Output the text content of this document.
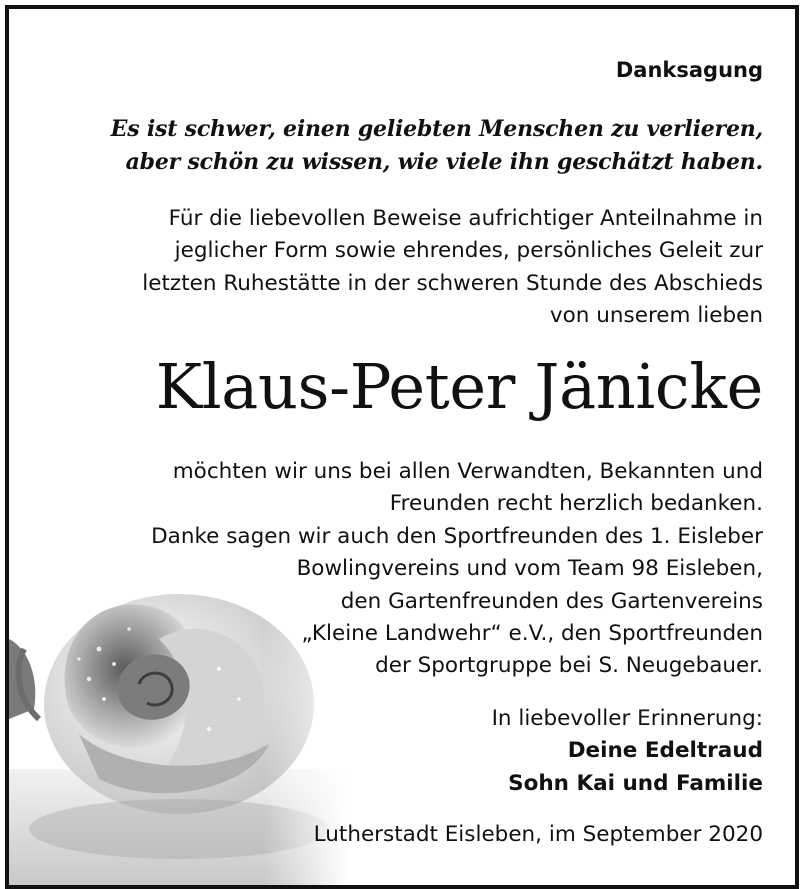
Danksagung
Es ist schwer, einen geliebten Menschen zu verlieren,
aber schön zu wissen, wie viele ihn geschätzt haben.
Für die liebevollen Beweise aufrichtiger Anteilnahme in
jeglicher Form sowie ehrendes, persönliches Geleit zur
letzten Ruhestätte in der schweren Stunde des Abschieds
von unserem lieben
Klaus-Peter Jänicke
möchten wir uns bei allen Verwandten, Bekannten und
Freunden recht herzlich bedanken.
Danke sagen wir auch den Sportfreunden des 1. Eisleber
Bowlingvereins und vom Team 98 Eisleben,
den Gartenfreunden des Gartenvereins
„Kleine Landwehr“ e.V., den Sportfreunden
der Sportgruppe bei S. Neugebauer.
In liebevoller Erinnerung:
Deine Edeltraud
Sohn Kai und Familie
Lutherstadt Eisleben, im September 2020
